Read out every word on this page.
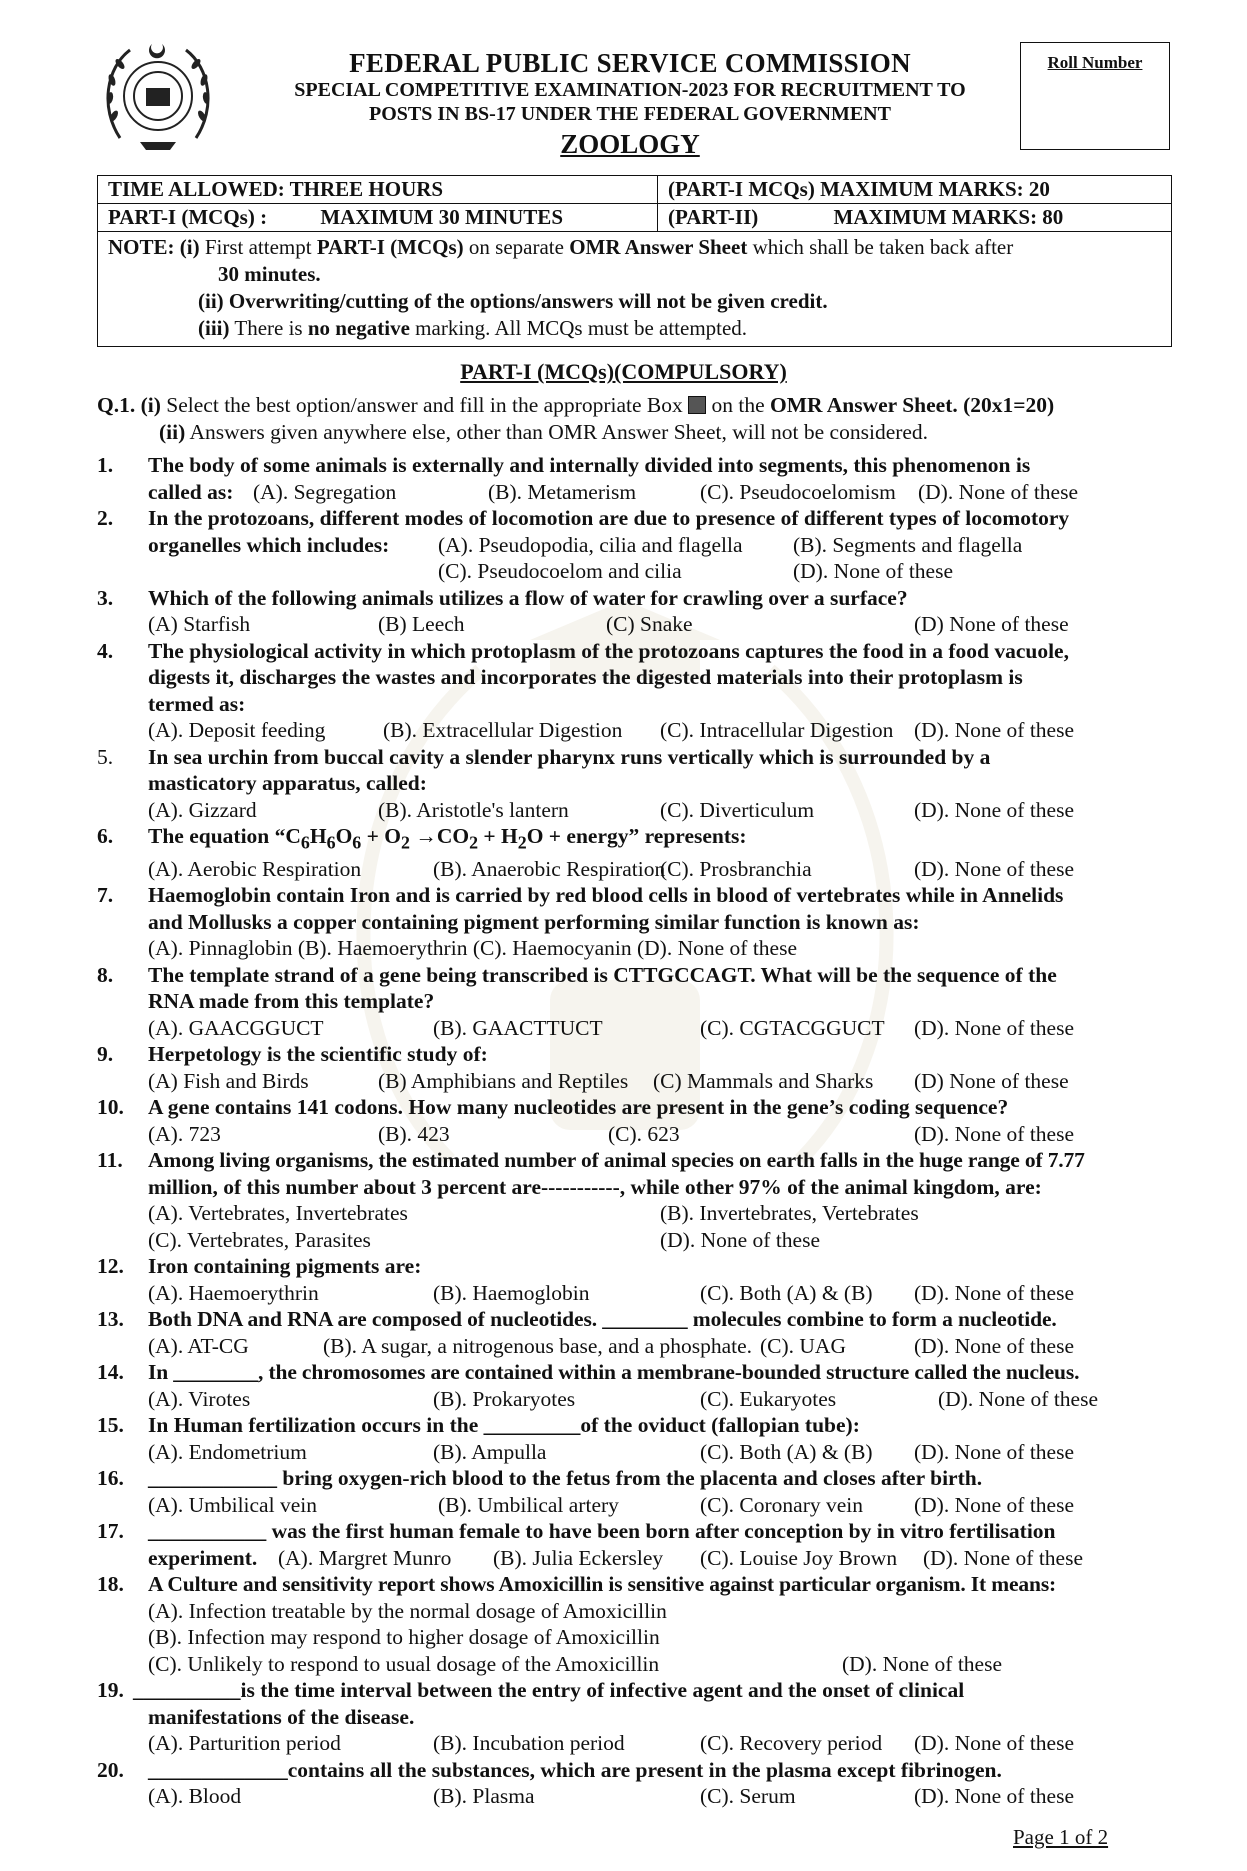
FEDERAL PUBLIC SERVICE COMMISSION
SPECIAL COMPETITIVE EXAMINATION-2023 FOR RECRUITMENT TO
POSTS IN BS-17 UNDER THE FEDERAL GOVERNMENT
ZOOLOGY
Roll Number
TIME ALLOWED: THREE HOURS	(PART-I MCQs) MAXIMUM MARKS: 20
PART-I (MCQs) :	MAXIMUM 30 MINUTES	(PART-II)	MAXIMUM MARKS: 80
NOTE: (i) First attempt PART-I (MCQs) on separate OMR Answer Sheet which shall be taken back after
30 minutes.
(ii) Overwriting/cutting of the options/answers will not be given credit.
(iii) There is no negative marking. All MCQs must be attempted.
PART-I (MCQs)(COMPULSORY)
Q.1. (i) Select the best option/answer and fill in the appropriate Box  on the OMR Answer Sheet. (20x1=20)
(ii) Answers given anywhere else, other than OMR Answer Sheet, will not be considered.
1. The body of some animals is externally and internally divided into segments, this phenomenon is
called as: (A). Segregation	(B). Metamerism	(C). Pseudocoelomism (D). None of these
2. In the protozoans, different modes of locomotion are due to presence of different types of locomotory
organelles which includes: (A). Pseudopodia, cilia and flagella (B). Segments and flagella
(C). Pseudocoelom and cilia	(D). None of these
3. Which of the following animals utilizes a flow of water for crawling over a surface?
(A) Starfish	(B) Leech	(C) Snake	(D) None of these
4. The physiological activity in which protoplasm of the protozoans captures the food in a food vacuole,
digests it, discharges the wastes and incorporates the digested materials into their protoplasm is
termed as:
(A). Deposit feeding	(B). Extracellular Digestion (C). Intracellular Digestion (D). None of these
5. In sea urchin from buccal cavity a slender pharynx runs vertically which is surrounded by a
masticatory apparatus, called:
(A). Gizzard	(B). Aristotle's lantern	(C). Diverticulum	(D). None of these
6. The equation “$C_6H_6O_6 + O_2 \to CO_2 + H_2O$ + energy” represents:
(A). Aerobic Respiration	(B). Anaerobic Respiration
(C). Prosbranchia	(D). None of these
7. Haemoglobin contain Iron and is carried by red blood cells in blood of vertebrates while in Annelids
and Mollusks a copper containing pigment performing similar function is known as:
(A). Pinnaglobin (B). Haemoerythrin (C). Haemocyanin (D). None of these
8. The template strand of a gene being transcribed is CTTGCCAGT. What will be the sequence of the
RNA made from this template?
(A). GAACGGUCT	(B). GAACTTUCT	(C). CGTACGGUCT (D). None of these
9. Herpetology is the scientific study of:
(A) Fish and Birds	(B) Amphibians and Reptiles (C) Mammals and Sharks (D) None of these
10. A gene contains 141 codons. How many nucleotides are present in the gene’s coding sequence?
(A). 723	(B). 423	(C). 623	(D). None of these
11. Among living organisms, the estimated number of animal species on earth falls in the huge range of 7.77
million, of this number about 3 percent are-----------, while other 97% of the animal kingdom, are:
(A). Vertebrates, Invertebrates	(B). Invertebrates, Vertebrates
(C). Vertebrates, Parasites	(D). None of these
12. Iron containing pigments are:
(A). Haemoerythrin	(B). Haemoglobin	(C). Both (A) & (B) (D). None of these
13. Both DNA and RNA are composed of nucleotides. ________ molecules combine to form a nucleotide.
(A). AT-CG	(B). A sugar, a nitrogenous base, and a phosphate. (C). UAG	(D). None of these
14. In ________, the chromosomes are contained within a membrane-bounded structure called the nucleus.
(A). Virotes	(B). Prokaryotes	(C). Eukaryotes	(D). None of these
15. In Human fertilization occurs in the _________of the oviduct (fallopian tube):
(A). Endometrium	(B). Ampulla	(C). Both (A) & (B) (D). None of these
16. ____________ bring oxygen-rich blood to the fetus from the placenta and closes after birth.
(A). Umbilical vein	(B). Umbilical artery	(C). Coronary vein (D). None of these
17. ___________ was the first human female to have been born after conception by in vitro fertilisation
experiment. (A). Margret Munro (B). Julia Eckersley (C). Louise Joy Brown (D). None of these
18. A Culture and sensitivity report shows Amoxicillin is sensitive against particular organism. It means:
(A). Infection treatable by the normal dosage of Amoxicillin
(B). Infection may respond to higher dosage of Amoxicillin
(C). Unlikely to respond to usual dosage of the Amoxicillin	(D). None of these
19. __________is the time interval between the entry of infective agent and the onset of clinical
manifestations of the disease.
(A). Parturition period	(B). Incubation period	(C). Recovery period (D). None of these
20. _____________contains all the substances, which are present in the plasma except fibrinogen.
(A). Blood	(B). Plasma	(C). Serum	(D). None of these
Page 1 of 2
